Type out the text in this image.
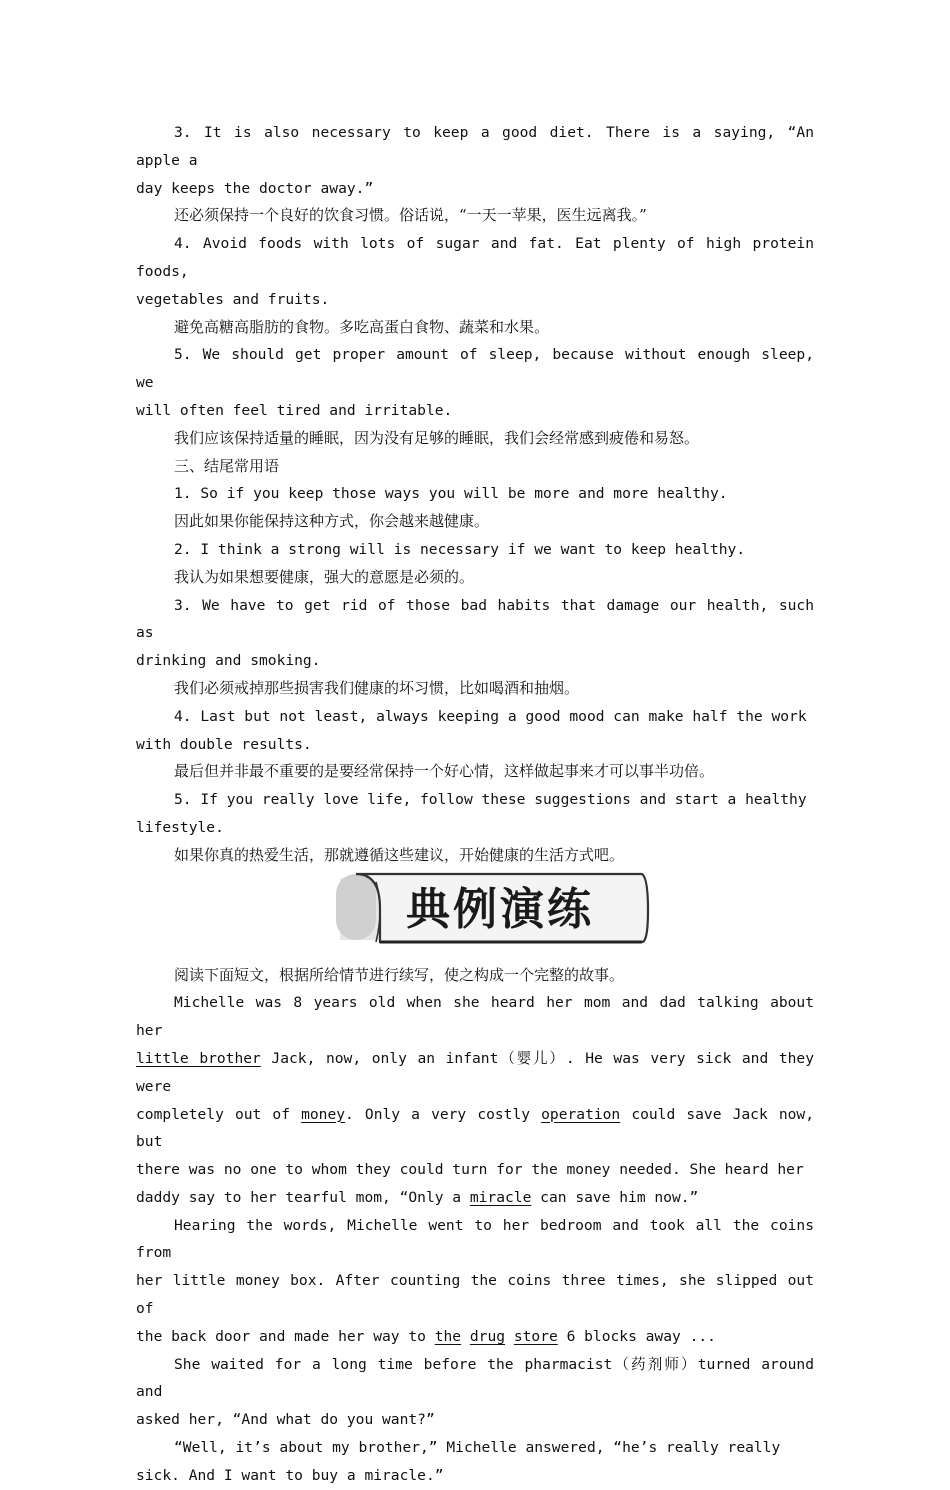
3. It is also necessary to keep a good diet. There is a saying, “An apple a

day keeps the doctor away.”

还必须保持一个良好的饮食习惯。俗话说，“一天一苹果，医生远离我。”

4. Avoid foods with lots of sugar and fat. Eat plenty of high protein foods,

vegetables and fruits.

避免高糖高脂肪的食物。多吃高蛋白食物、蔬菜和水果。

5. We should get proper amount of sleep, because without enough sleep, we

will often feel tired and irritable.

我们应该保持适量的睡眠，因为没有足够的睡眠，我们会经常感到疲倦和易怒。

三、结尾常用语

1. So if you keep those ways you will be more and more healthy.

因此如果你能保持这种方式，你会越来越健康。

2. I think a strong will is necessary if we want to keep healthy.

我认为如果想要健康，强大的意愿是必须的。

3. We have to get rid of those bad habits that damage our health, such as

drinking and smoking.

我们必须戒掉那些损害我们健康的坏习惯，比如喝酒和抽烟。

4. Last but not least, always keeping a good mood can make half the work

with double results.

最后但并非最不重要的是要经常保持一个好心情，这样做起事来才可以事半功倍。

5. If you really love life, follow these suggestions and start a healthy

lifestyle.

如果你真的热爱生活，那就遵循这些建议，开始健康的生活方式吧。

典例演练

阅读下面短文，根据所给情节进行续写，使之构成一个完整的故事。

Michelle was 8 years old when she heard her mom and dad talking about her

little brother Jack, now, only an infant（婴儿）. He was very sick and they were

completely out of money. Only a very costly operation could save Jack now, but

there was no one to whom they could turn for the money needed. She heard her

daddy say to her tearful mom, “Only a miracle can save him now.”

Hearing the words, Michelle went to her bedroom and took all the coins from

her little money box. After counting the coins three times, she slipped out of

the back door and made her way to the drug store 6 blocks away ...

She waited for a long time before the pharmacist（药剂师）turned around and

asked her, “And what do you want?”

“Well, it’s about my brother,” Michelle answered, “he’s really really

sick. And I want to buy a miracle.”
